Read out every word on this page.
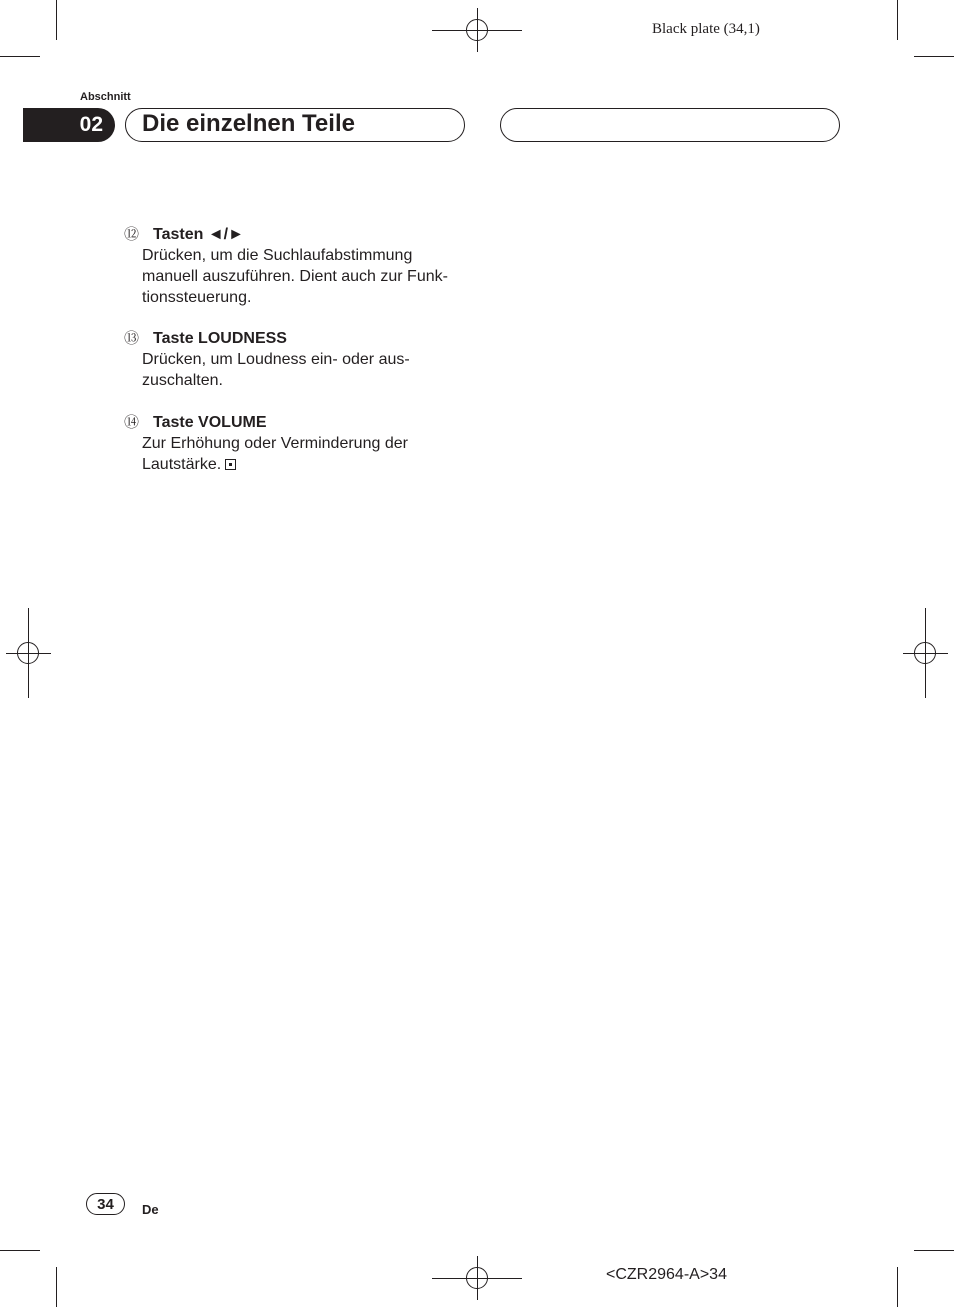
Black plate (34,1)
Abschnitt
02 Die einzelnen Teile
⑫ Tasten ◄/►
Drücken, um die Suchlaufabstimmung
manuell auszuführen. Dient auch zur Funk-
tionssteuerung.
⑬ Taste LOUDNESS
Drücken, um Loudness ein- oder aus-
zuschalten.
⑭ Taste VOLUME
Zur Erhöhung oder Verminderung der
Lautstärke.
34 De
<CZR2964-A>34
